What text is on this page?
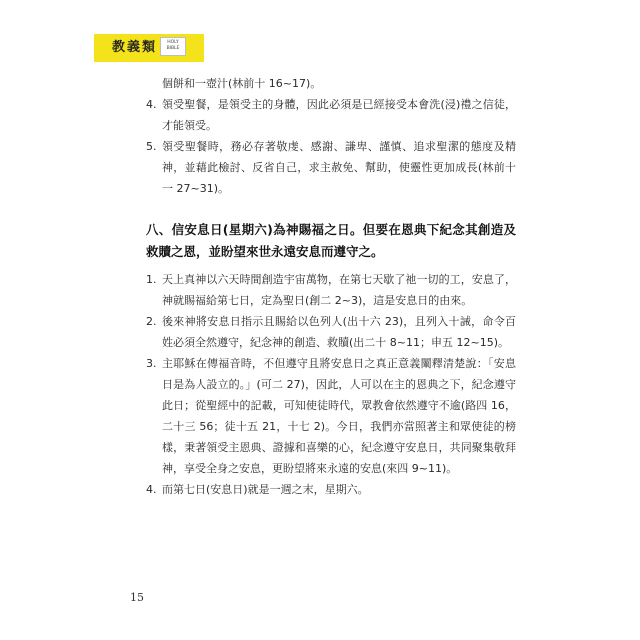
教義類	HOLY BIBLE

個餅和一壺汁(林前十 16~17)。

4. 領受聖餐，是領受主的身體，因此必須是已經接受本會洗(浸)禮之信徒，才能領受。
5. 領受聖餐時，務必存著敬虔、感謝、謙卑、謹慎、追求聖潔的態度及精神，並藉此檢討、反省自己，求主赦免、幫助，使靈性更加成長(林前十一 27~31)。
八、信安息日(星期六)為神賜福之日。但要在恩典下紀念其創造及救贖之恩，並盼望來世永遠安息而遵守之。
1. 天上真神以六天時間創造宇宙萬物，在第七天歇了祂一切的工，安息了，神就賜福給第七日，定為聖日(創二 2~3)，這是安息日的由來。
2. 後來神將安息日指示且賜給以色列人(出十六 23)，且列入十誡，命令百姓必須全然遵守，紀念神的創造、救贖(出二十 8~11；申五 12~15)。
3. 主耶穌在傳福音時，不但遵守且將安息日之真正意義闡釋清楚說：「安息日是為人設立的。」(可二 27)，因此，人可以在主的恩典之下，紀念遵守此日；從聖經中的記載，可知使徒時代，眾教會依然遵守不逾(路四 16，二十三 56；徒十五 21，十七 2)。今日，我們亦當照著主和眾使徒的榜樣，秉著領受主恩典、證據和喜樂的心，紀念遵守安息日，共同聚集敬拜神，享受全身之安息，更盼望將來永遠的安息(來四 9~11)。
4. 而第七日(安息日)就是一週之末，星期六。
15
